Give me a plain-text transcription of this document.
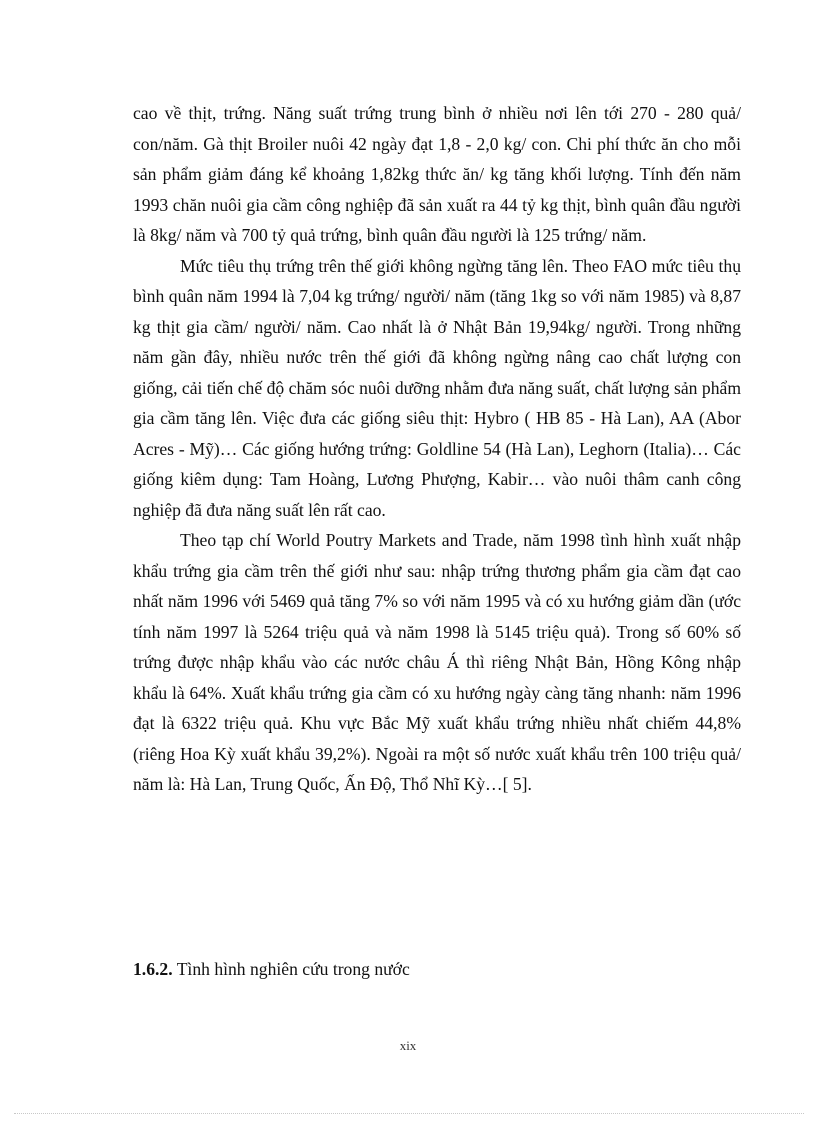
cao về thịt, trứng. Năng suất trứng trung bình ở nhiều nơi lên tới 270 - 280 quả/ con/năm. Gà thịt Broiler nuôi 42 ngày đạt 1,8 - 2,0 kg/ con. Chi phí thức ăn cho mỗi sản phẩm giảm đáng kể khoảng 1,82kg thức ăn/ kg tăng khối lượng. Tính đến năm 1993 chăn nuôi gia cầm công nghiệp đã sản xuất ra 44 tỷ kg thịt, bình quân đầu người là 8kg/ năm và 700 tỷ quả trứng, bình quân đầu người là 125 trứng/ năm.

Mức tiêu thụ trứng trên thế giới không ngừng tăng lên. Theo FAO mức tiêu thụ bình quân năm 1994 là 7,04 kg trứng/ người/ năm (tăng 1kg so với năm 1985) và 8,87 kg thịt gia cầm/ người/ năm. Cao nhất là ở Nhật Bản 19,94kg/ người. Trong những năm gần đây, nhiều nước trên thế giới đã không ngừng nâng cao chất lượng con giống, cải tiến chế độ chăm sóc nuôi dưỡng nhằm đưa năng suất, chất lượng sản phẩm gia cầm tăng lên. Việc đưa các giống siêu thịt: Hybro ( HB 85 - Hà Lan), AA (Abor Acres - Mỹ)… Các giống hướng trứng: Goldline 54 (Hà Lan), Leghorn (Italia)… Các giống kiêm dụng: Tam Hoàng, Lương Phượng, Kabir… vào nuôi thâm canh công nghiệp đã đưa năng suất lên rất cao.

Theo tạp chí World Poutry Markets and Trade, năm 1998 tình hình xuất nhập khẩu trứng gia cầm trên thế giới như sau: nhập trứng thương phẩm gia cầm đạt cao nhất năm 1996 với 5469 quả tăng 7% so với năm 1995 và có xu hướng giảm dần (ước tính năm 1997 là 5264 triệu quả và năm 1998 là 5145 triệu quả). Trong số 60% số trứng được nhập khẩu vào các nước châu Á thì riêng Nhật Bản, Hồng Kông nhập khẩu là 64%. Xuất khẩu trứng gia cầm có xu hướng ngày càng tăng nhanh: năm 1996 đạt là 6322 triệu quả. Khu vực Bắc Mỹ xuất khẩu trứng nhiều nhất chiếm 44,8% (riêng Hoa Kỳ xuất khẩu 39,2%). Ngoài ra một số nước xuất khẩu trên 100 triệu quả/ năm là: Hà Lan, Trung Quốc, Ấn Độ, Thổ Nhĩ Kỳ…[ 5].

1.6.2. Tình hình nghiên cứu trong nước
xix
